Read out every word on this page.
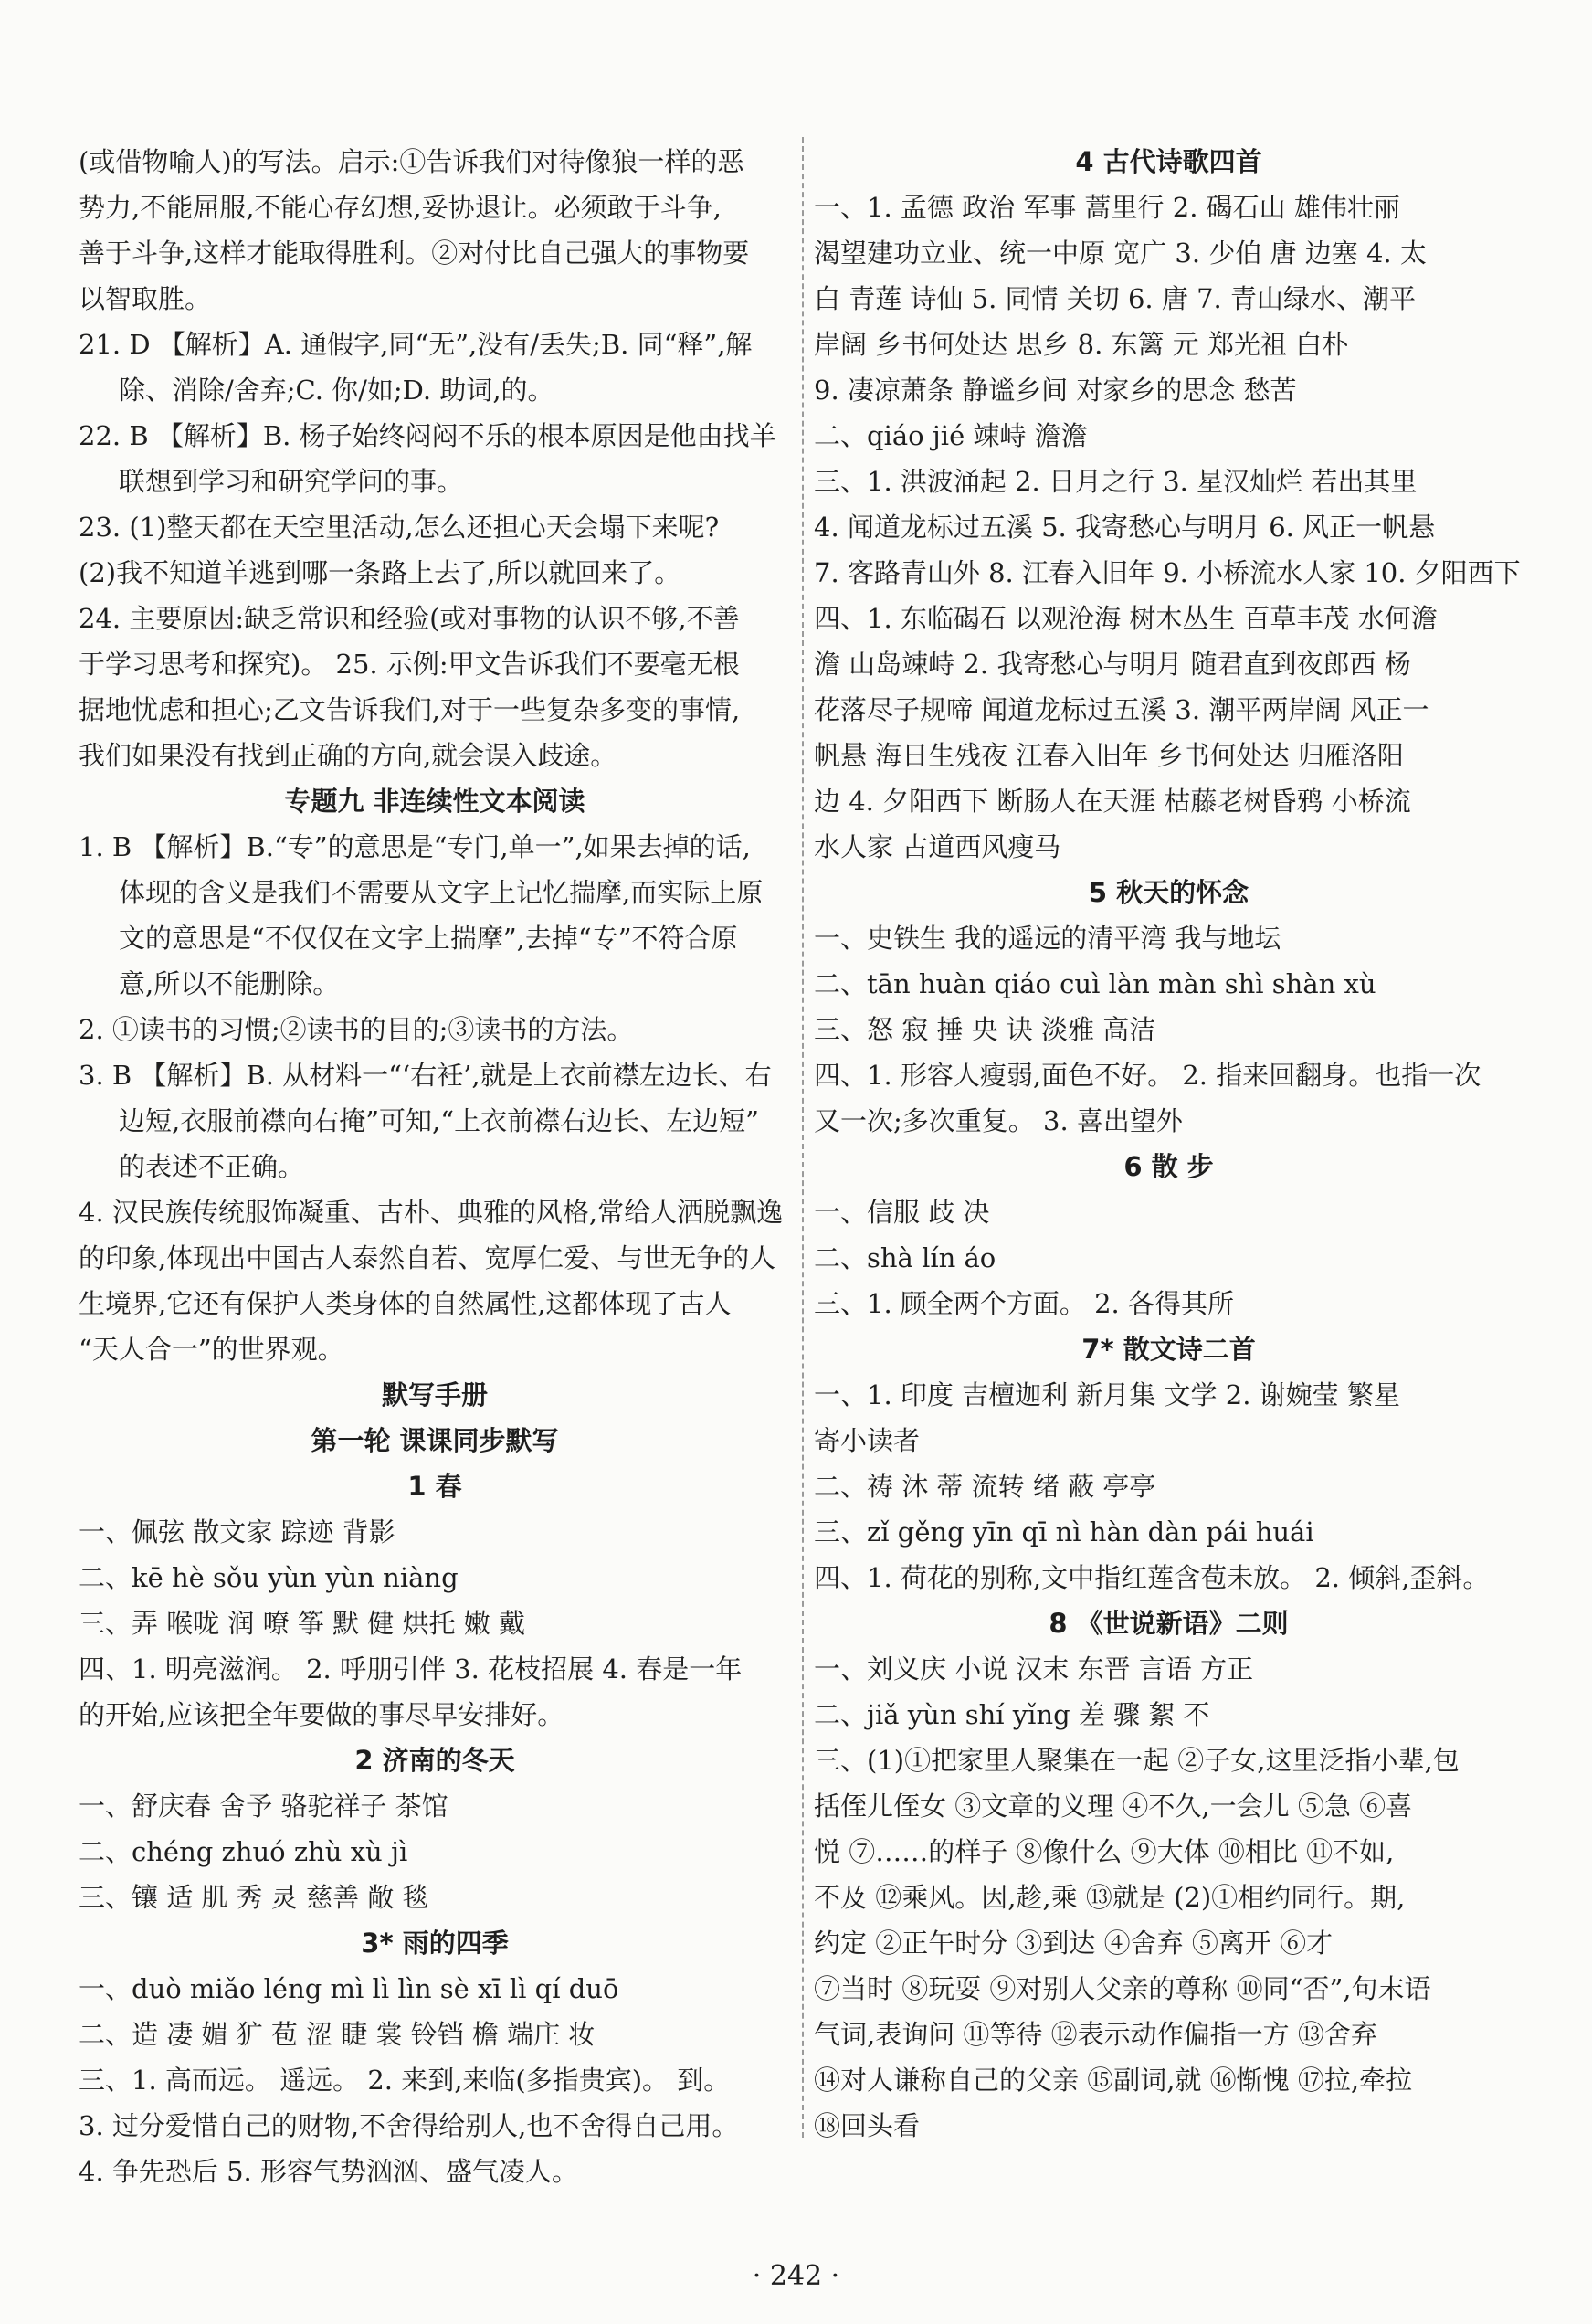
(或借物喻人)的写法。启示:①告诉我们对待像狼一样的恶
势力,不能屈服,不能心存幻想,妥协退让。必须敢于斗争,
善于斗争,这样才能取得胜利。②对付比自己强大的事物要
以智取胜。
21. D 【解析】A. 通假字,同“无”,没有/丢失;B. 同“释”,解
除、消除/舍弃;C. 你/如;D. 助词,的。
22. B 【解析】B. 杨子始终闷闷不乐的根本原因是他由找羊
联想到学习和研究学问的事。
23. (1)整天都在天空里活动,怎么还担心天会塌下来呢?
(2)我不知道羊逃到哪一条路上去了,所以就回来了。
24. 主要原因:缺乏常识和经验(或对事物的认识不够,不善
于学习思考和探究)。 25. 示例:甲文告诉我们不要毫无根
据地忧虑和担心;乙文告诉我们,对于一些复杂多变的事情,
我们如果没有找到正确的方向,就会误入歧途。
专题九 非连续性文本阅读
1. B 【解析】B.“专”的意思是“专门,单一”,如果去掉的话,
体现的含义是我们不需要从文字上记忆揣摩,而实际上原
文的意思是“不仅仅在文字上揣摩”,去掉“专”不符合原
意,所以不能删除。
2. ①读书的习惯;②读书的目的;③读书的方法。
3. B 【解析】B. 从材料一“‘右衽’,就是上衣前襟左边长、右
边短,衣服前襟向右掩”可知,“上衣前襟右边长、左边短”
的表述不正确。
4. 汉民族传统服饰凝重、古朴、典雅的风格,常给人洒脱飘逸
的印象,体现出中国古人泰然自若、宽厚仁爱、与世无争的人
生境界,它还有保护人类身体的自然属性,这都体现了古人
“天人合一”的世界观。
默写手册
第一轮 课课同步默写
1 春
一、佩弦 散文家 踪迹 背影
二、kē hè sǒu yùn yùn niàng
三、弄 喉咙 润 嘹 筝 默 健 烘托 嫩 戴
四、1. 明亮滋润。 2. 呼朋引伴 3. 花枝招展 4. 春是一年
的开始,应该把全年要做的事尽早安排好。
2 济南的冬天
一、舒庆春 舍予 骆驼祥子 茶馆
二、chéng zhuó zhù xù jì
三、镶 适 肌 秀 灵 慈善 敞 毯
3* 雨的四季
一、duò miǎo léng mì lì lìn sè xī lì qí duō
二、造 凄 媚 犷 苞 涩 睫 裳 铃铛 檐 端庄 妆
三、1. 高而远。 遥远。 2. 来到,来临(多指贵宾)。 到。
3. 过分爱惜自己的财物,不舍得给别人,也不舍得自己用。
4. 争先恐后 5. 形容气势汹汹、盛气凌人。
4 古代诗歌四首
一、1. 孟德 政治 军事 蒿里行 2. 碣石山 雄伟壮丽
渴望建功立业、统一中原 宽广 3. 少伯 唐 边塞 4. 太
白 青莲 诗仙 5. 同情 关切 6. 唐 7. 青山绿水、潮平
岸阔 乡书何处达 思乡 8. 东篱 元 郑光祖 白朴
9. 凄凉萧条 静谧乡间 对家乡的思念 愁苦
二、qiáo jié 竦峙 澹澹
三、1. 洪波涌起 2. 日月之行 3. 星汉灿烂 若出其里
4. 闻道龙标过五溪 5. 我寄愁心与明月 6. 风正一帆悬
7. 客路青山外 8. 江春入旧年 9. 小桥流水人家 10. 夕阳西下
四、1. 东临碣石 以观沧海 树木丛生 百草丰茂 水何澹
澹 山岛竦峙 2. 我寄愁心与明月 随君直到夜郎西 杨
花落尽子规啼 闻道龙标过五溪 3. 潮平两岸阔 风正一
帆悬 海日生残夜 江春入旧年 乡书何处达 归雁洛阳
边 4. 夕阳西下 断肠人在天涯 枯藤老树昏鸦 小桥流
水人家 古道西风瘦马
5 秋天的怀念
一、史铁生 我的遥远的清平湾 我与地坛
二、tān huàn qiáo cuì làn màn shì shàn xù
三、怒 寂 捶 央 诀 淡雅 高洁
四、1. 形容人瘦弱,面色不好。 2. 指来回翻身。也指一次
又一次;多次重复。 3. 喜出望外
6 散 步
一、信服 歧 决
二、shà lín áo
三、1. 顾全两个方面。 2. 各得其所
7* 散文诗二首
一、1. 印度 吉檀迦利 新月集 文学 2. 谢婉莹 繁星
寄小读者
二、祷 沐 蒂 流转 绪 蔽 亭亭
三、zǐ gěng yīn qī nì hàn dàn pái huái
四、1. 荷花的别称,文中指红莲含苞未放。 2. 倾斜,歪斜。
8 《世说新语》二则
一、刘义庆 小说 汉末 东晋 言语 方正
二、jiǎ yùn shí yǐng 差 骤 絮 不
三、(1)①把家里人聚集在一起 ②子女,这里泛指小辈,包
括侄儿侄女 ③文章的义理 ④不久,一会儿 ⑤急 ⑥喜
悦 ⑦……的样子 ⑧像什么 ⑨大体 ⑩相比 ⑪不如,
不及 ⑫乘风。因,趁,乘 ⑬就是 (2)①相约同行。期,
约定 ②正午时分 ③到达 ④舍弃 ⑤离开 ⑥才
⑦当时 ⑧玩耍 ⑨对别人父亲的尊称 ⑩同“否”,句末语
气词,表询问 ⑪等待 ⑫表示动作偏指一方 ⑬舍弃
⑭对人谦称自己的父亲 ⑮副词,就 ⑯惭愧 ⑰拉,牵拉
⑱回头看
· 242 ·
